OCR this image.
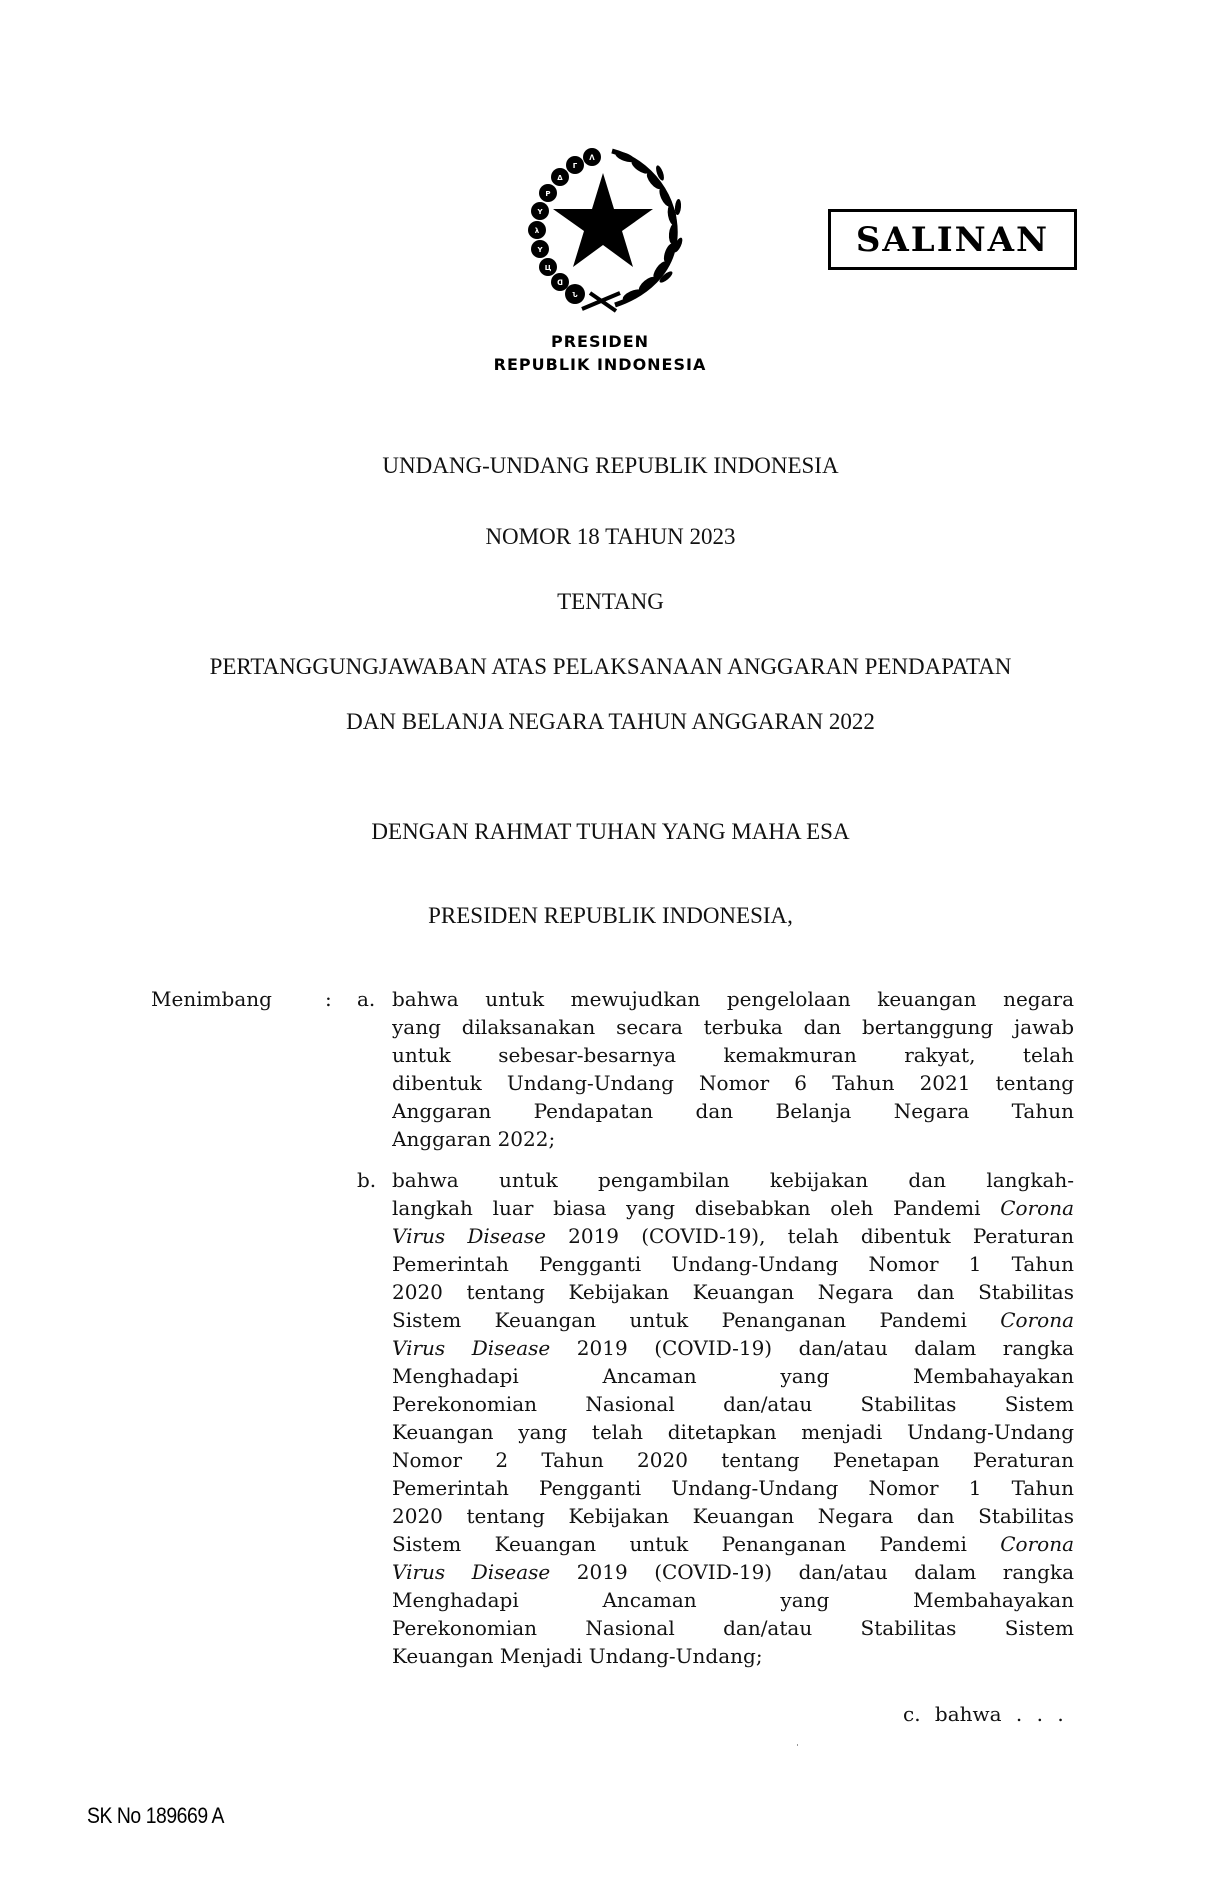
ᐱ
Γ
Δ
P
Y
λ
Y
Ц
ᗡ
Ն
PRESIDEN
REPUBLIK INDONESIA
SALINAN
UNDANG-UNDANG REPUBLIK INDONESIA
NOMOR 18 TAHUN 2023
TENTANG
PERTANGGUNGJAWABAN ATAS PELAKSANAAN ANGGARAN PENDAPATAN
DAN BELANJA NEGARA TAHUN ANGGARAN 2022
DENGAN RAHMAT TUHAN YANG MAHA ESA
PRESIDEN REPUBLIK INDONESIA,
Menimbang	: a. bahwa untuk mewujudkan pengelolaan keuangan negara
yang dilaksanakan secara terbuka dan bertanggung jawab
untuk sebesar-besarnya kemakmuran rakyat, telah
dibentuk Undang-Undang Nomor 6 Tahun 2021 tentang
Anggaran Pendapatan dan Belanja Negara Tahun
Anggaran 2022;
b. bahwa untuk pengambilan kebijakan dan langkah-
langkah luar biasa yang disebabkan oleh Pandemi Corona
Virus Disease 2019 (COVID-19), telah dibentuk Peraturan
Pemerintah Pengganti Undang-Undang Nomor 1 Tahun
2020 tentang Kebijakan Keuangan Negara dan Stabilitas
Sistem Keuangan untuk Penanganan Pandemi Corona
Virus Disease 2019 (COVID-19) dan/atau dalam rangka
Menghadapi Ancaman yang Membahayakan
Perekonomian Nasional dan/atau Stabilitas Sistem
Keuangan yang telah ditetapkan menjadi Undang-Undang
Nomor 2 Tahun 2020 tentang Penetapan Peraturan
Pemerintah Pengganti Undang-Undang Nomor 1 Tahun
2020 tentang Kebijakan Keuangan Negara dan Stabilitas
Sistem Keuangan untuk Penanganan Pandemi Corona
Virus Disease 2019 (COVID-19) dan/atau dalam rangka
Menghadapi Ancaman yang Membahayakan
Perekonomian Nasional dan/atau Stabilitas Sistem
Keuangan Menjadi Undang-Undang;
c. bahwa . . .
SK No 189669 A
